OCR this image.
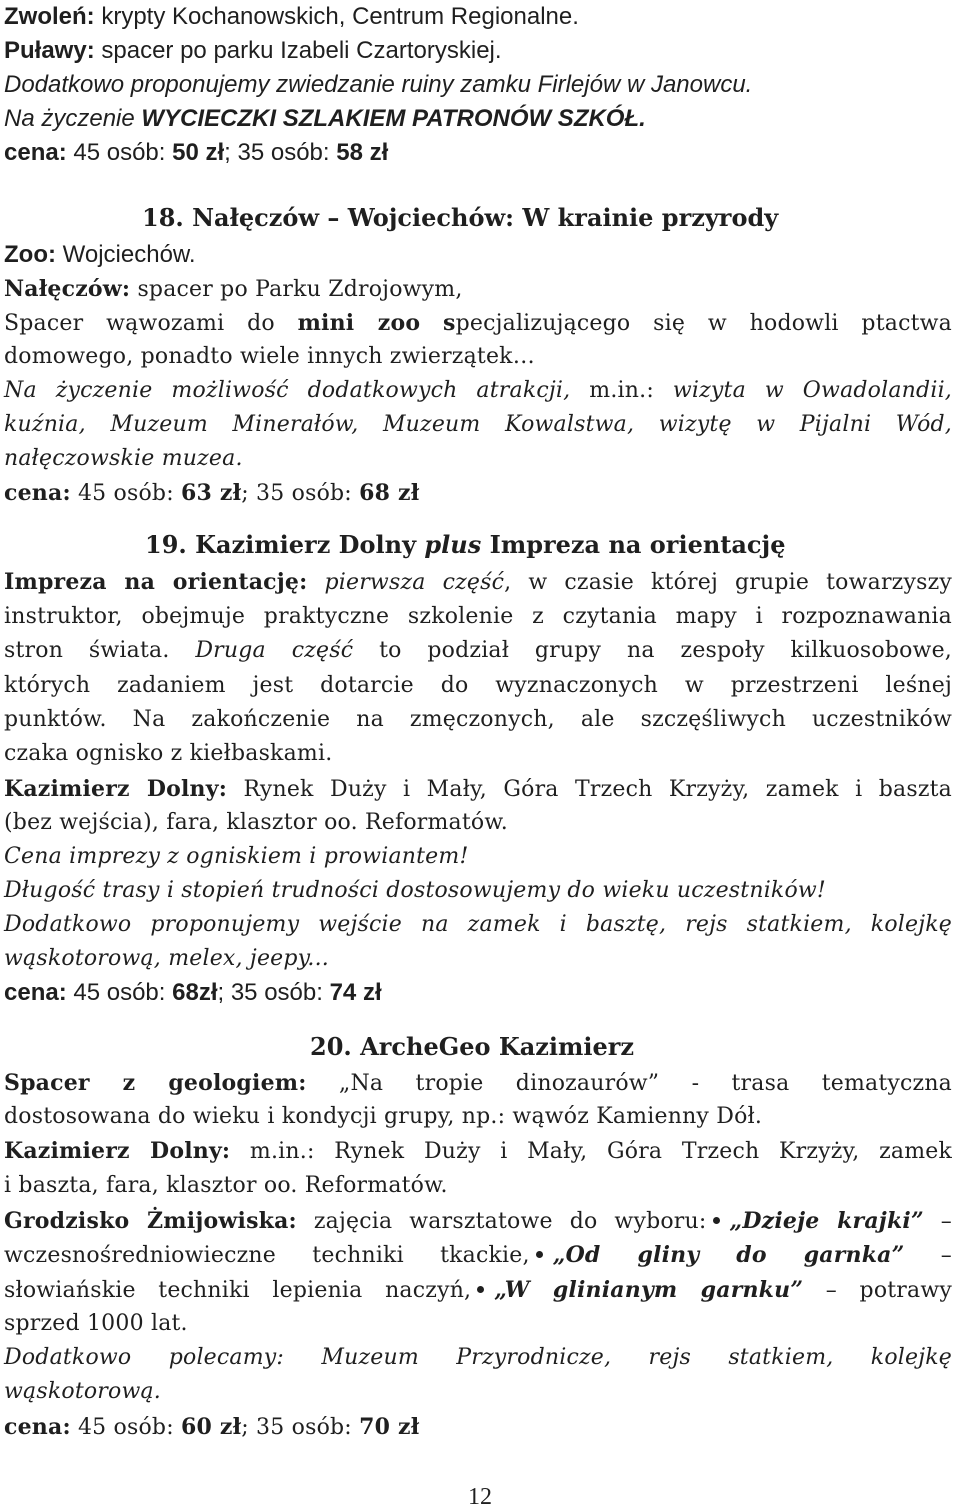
Zwoleń: krypty Kochanowskich, Centrum Regionalne.
Puławy: spacer po parku Izabeli Czartoryskiej.
Dodatkowo proponujemy zwiedzanie ruiny zamku Firlejów w Janowcu.
Na życzenie WYCIECZKI SZLAKIEM PATRONÓW SZKÓŁ.
cena: 45 osób: 50 zł; 35 osób: 58 zł
18. Nałęczów – Wojciechów: W krainie przyrody
Zoo: Wojciechów.
Nałęczów: spacer po Parku Zdrojowym,
Spacer wąwozami do mini zoo specjalizującego się w hodowli ptactwa
domowego, ponadto wiele innych zwierzątek…
Na życzenie możliwość dodatkowych atrakcji, m.in.: wizyta w Owadolandii,
kuźnia, Muzeum Minerałów, Muzeum Kowalstwa, wizytę w Pijalni Wód,
nałęczowskie muzea.
cena: 45 osób: 63 zł; 35 osób: 68 zł
19. Kazimierz Dolny plus Impreza na orientację
Impreza na orientację: pierwsza część, w czasie której grupie towarzyszy
instruktor, obejmuje praktyczne szkolenie z czytania mapy i rozpoznawania
stron świata. Druga część to podział grupy na zespoły kilkuosobowe,
których zadaniem jest dotarcie do wyznaczonych w przestrzeni leśnej
punktów. Na zakończenie na zmęczonych, ale szczęśliwych uczestników
czaka ognisko z kiełbaskami.
Kazimierz Dolny: Rynek Duży i Mały, Góra Trzech Krzyży, zamek i baszta
(bez wejścia), fara, klasztor oo. Reformatów.
Cena imprezy z ogniskiem i prowiantem!
Długość trasy i stopień trudności dostosowujemy do wieku uczestników!
Dodatkowo proponujemy wejście na zamek i basztę, rejs statkiem, kolejkę
wąskotorową, melex, jeepy...
cena: 45 osób: 68zł; 35 osób: 74 zł
20. ArcheGeo Kazimierz
Spacer z geologiem: „Na tropie dinozaurów” - trasa tematyczna
dostosowana do wieku i kondycji grupy, np.: wąwóz Kamienny Dół.
Kazimierz Dolny: m.in.: Rynek Duży i Mały, Góra Trzech Krzyży, zamek
i baszta, fara, klasztor oo. Reformatów.
Grodzisko Żmijowiska: zajęcia warsztatowe do wyboru: „Dzieje krajki” –
wczesnośredniowieczne techniki tkackie, „Od gliny do garnka” –
słowiańskie techniki lepienia naczyń, „W glinianym garnku” – potrawy
sprzed 1000 lat.
Dodatkowo polecamy: Muzeum Przyrodnicze, rejs statkiem, kolejkę
wąskotorową.
cena: 45 osób: 60 zł; 35 osób: 70 zł
12
